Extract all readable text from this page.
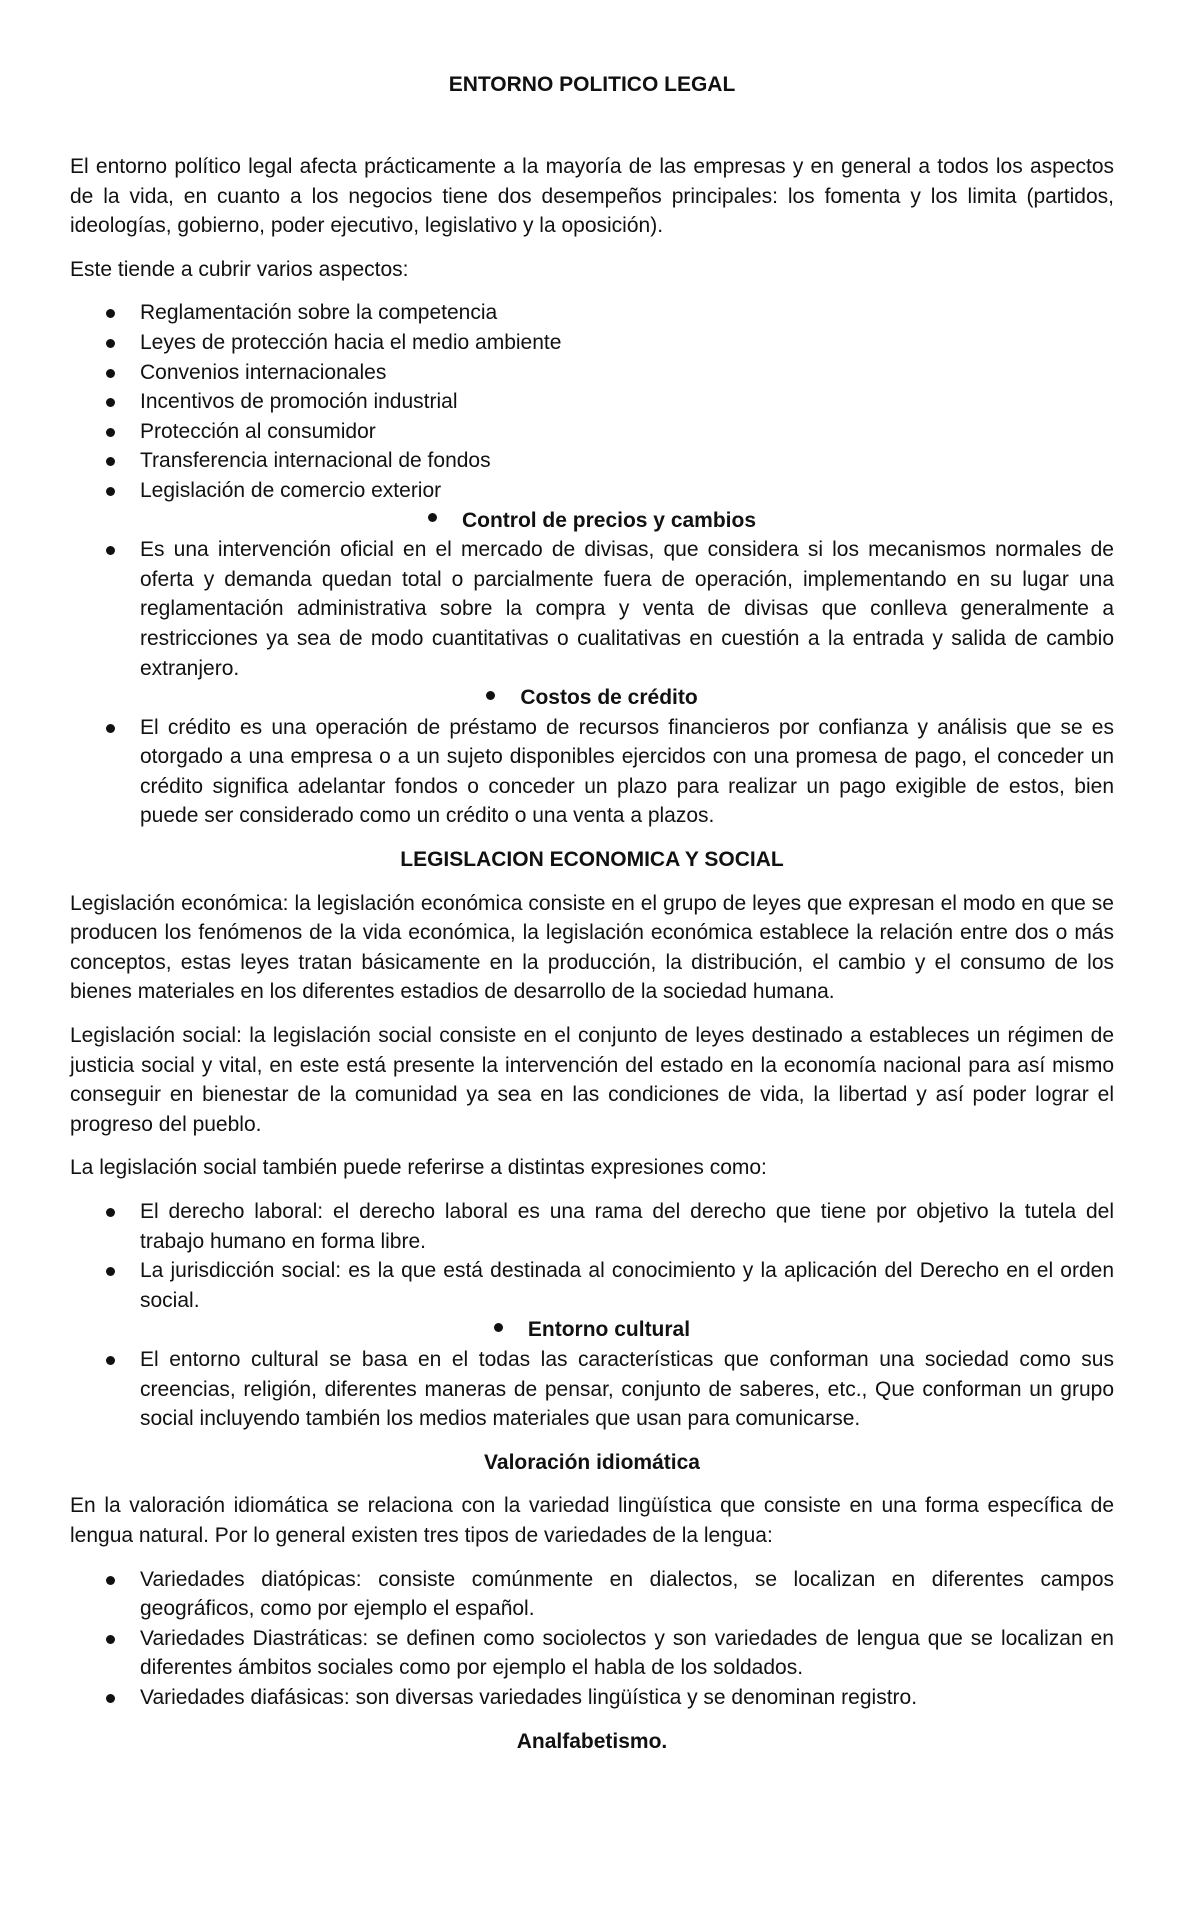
ENTORNO POLITICO LEGAL

El entorno político legal afecta prácticamente a la mayoría de las empresas y en general a todos los aspectos de la vida, en cuanto a los negocios tiene dos desempeños principales: los fomenta y los limita (partidos, ideologías, gobierno, poder ejecutivo, legislativo y la oposición).

Este tiende a cubrir varios aspectos:

Reglamentación sobre la competencia
Leyes de protección hacia el medio ambiente
Convenios internacionales
Incentivos de promoción industrial
Protección al consumidor
Transferencia internacional de fondos
Legislación de comercio exterior
Control de precios y cambios
Es una intervención oficial en el mercado de divisas, que considera si los mecanismos normales de oferta y demanda quedan total o parcialmente fuera de operación, implementando en su lugar una reglamentación administrativa sobre la compra y venta de divisas que conlleva generalmente a restricciones ya sea de modo cuantitativas o cualitativas en cuestión a la entrada y salida de cambio extranjero.
Costos de crédito
El crédito es una operación de préstamo de recursos financieros por confianza y análisis que se es otorgado a una empresa o a un sujeto disponibles ejercidos con una promesa de pago, el conceder un crédito significa adelantar fondos o conceder un plazo para realizar un pago exigible de estos, bien puede ser considerado como un crédito o una venta a plazos.
LEGISLACION ECONOMICA Y SOCIAL

Legislación económica: la legislación económica consiste en el grupo de leyes que expresan el modo en que se producen los fenómenos de la vida económica, la legislación económica establece la relación entre dos o más conceptos, estas leyes tratan básicamente en la producción, la distribución, el cambio y el consumo de los bienes materiales en los diferentes estadios de desarrollo de la sociedad humana.

Legislación social: la legislación social consiste en el conjunto de leyes destinado a estableces un régimen de justicia social y vital, en este está presente la intervención del estado en la economía nacional para así mismo conseguir en bienestar de la comunidad ya sea en las condiciones de vida, la libertad y así poder lograr el progreso del pueblo.

La legislación social también puede referirse a distintas expresiones como:

El derecho laboral: el derecho laboral es una rama del derecho que tiene por objetivo la tutela del trabajo humano en forma libre.
La jurisdicción social: es la que está destinada al conocimiento y la aplicación del Derecho en el orden social.
Entorno cultural
El entorno cultural se basa en el todas las características que conforman una sociedad como sus creencias, religión, diferentes maneras de pensar, conjunto de saberes, etc., Que conforman un grupo social incluyendo también los medios materiales que usan para comunicarse.
Valoración idiomática

En la valoración idiomática se relaciona con la variedad lingüística que consiste en una forma específica de lengua natural. Por lo general existen tres tipos de variedades de la lengua:

Variedades diatópicas: consiste comúnmente en dialectos, se localizan en diferentes campos geográficos, como por ejemplo el español.
Variedades Diastráticas: se definen como sociolectos y son variedades de lengua que se localizan en diferentes ámbitos sociales como por ejemplo el habla de los soldados.
Variedades diafásicas: son diversas variedades lingüística y se denominan registro.
Analfabetismo.
